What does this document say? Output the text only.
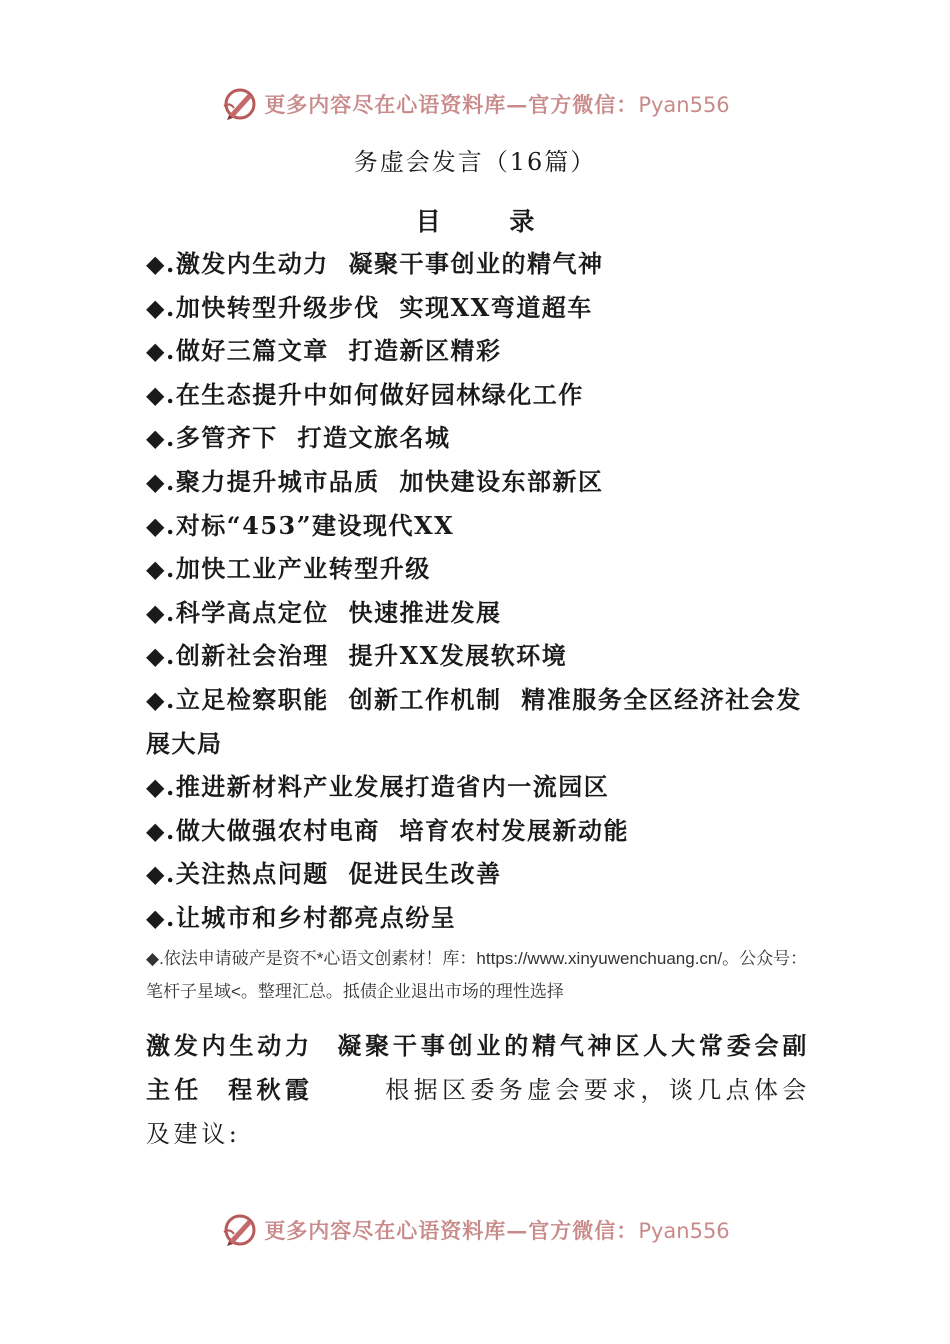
更多内容尽在心语资料库—官方微信：Pyan556
务虚会发言（16篇）
目 录
◆.激发内生动力  凝聚干事创业的精气神
◆.加快转型升级步伐  实现XX弯道超车
◆.做好三篇文章  打造新区精彩
◆.在生态提升中如何做好园林绿化工作
◆.多管齐下  打造文旅名城
◆.聚力提升城市品质  加快建设东部新区
◆.对标“453”建设现代XX
◆.加快工业产业转型升级
◆.科学高点定位  快速推进发展
◆.创新社会治理  提升XX发展软环境
◆.立足检察职能  创新工作机制  精准服务全区经济社会发展大局
◆.推进新材料产业发展打造省内一流园区
◆.做大做强农村电商  培育农村发展新动能
◆.关注热点问题  促进民生改善
◆.让城市和乡村都亮点纷呈
◆.依法申请破产是资不*心语文创素材！库：https://www.xinyuwenchuang.cn/。公众号：笔杆子星域<。整理汇总。抵债企业退出市场的理性选择

激发内生动力  凝聚干事创业的精气神区人大常委会副主任  程秋霞      根据区委务虚会要求，谈几点体会及建议:

更多内容尽在心语资料库—官方微信：Pyan556
